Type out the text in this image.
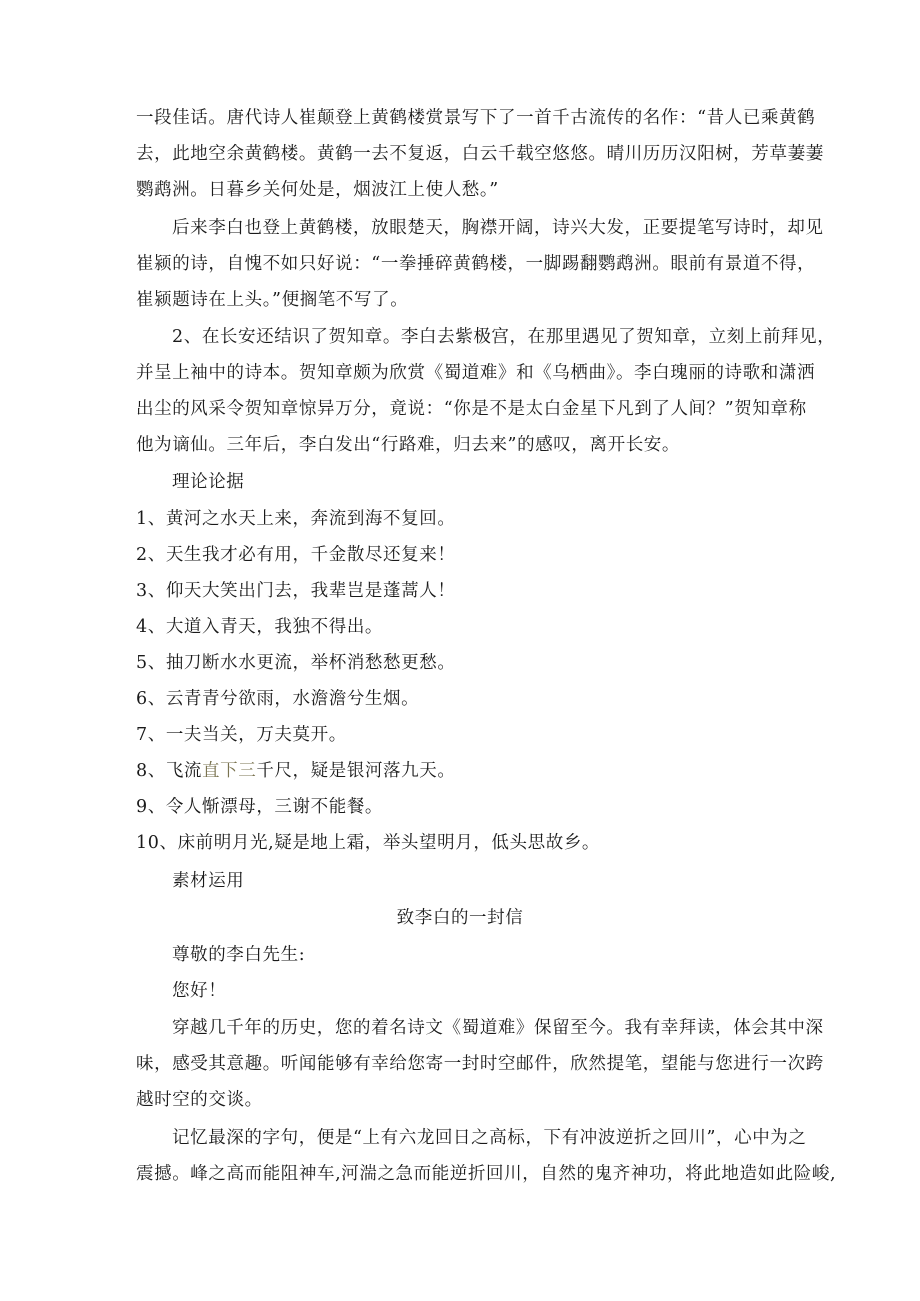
一段佳话。唐代诗人崔颠登上黄鹤楼赏景写下了一首千古流传的名作：“昔人已乘黄鹤
去，此地空余黄鹤楼。黄鹤一去不复返，白云千载空悠悠。晴川历历汉阳树，芳草萋萋
鹦鹉洲。日暮乡关何处是，烟波江上使人愁。”
后来李白也登上黄鹤楼，放眼楚天，胸襟开阔，诗兴大发，正要提笔写诗时，却见
崔颍的诗，自愧不如只好说：“一拳捶碎黄鹤楼，一脚踢翻鹦鹉洲。眼前有景道不得，
崔颍题诗在上头。”便搁笔不写了。
2、在长安还结识了贺知章。李白去紫极宫，在那里遇见了贺知章，立刻上前拜见，
并呈上袖中的诗本。贺知章颇为欣赏《蜀道难》和《乌栖曲》。李白瑰丽的诗歌和潇洒
出尘的风采令贺知章惊异万分，竟说：“你是不是太白金星下凡到了人间？”贺知章称
他为谪仙。三年后，李白发出“行路难，归去来”的感叹，离开长安。
理论论据
1、黄河之水天上来，奔流到海不复回。
2、天生我才必有用，千金散尽还复来！
3、仰天大笑出门去，我辈岂是蓬蒿人！
4、大道入青天，我独不得出。
5、抽刀断水水更流，举杯消愁愁更愁。
6、云青青兮欲雨，水澹澹兮生烟。
7、一夫当关，万夫莫开。
8、飞流直下三千尺，疑是银河落九天。
9、令人惭漂母，三谢不能餐。
10、床前明月光,疑是地上霜，举头望明月，低头思故乡。
素材运用
致李白的一封信
尊敬的李白先生:
您好！
穿越几千年的历史，您的着名诗文《蜀道难》保留至今。我有幸拜读，体会其中深
味，感受其意趣。听闻能够有幸给您寄一封时空邮件，欣然提笔，望能与您进行一次跨
越时空的交谈。
记忆最深的字句，便是“上有六龙回日之高标，下有冲波逆折之回川”，心中为之
震撼。峰之高而能阻神车,河湍之急而能逆折回川，自然的鬼齐神功，将此地造如此险峻,
